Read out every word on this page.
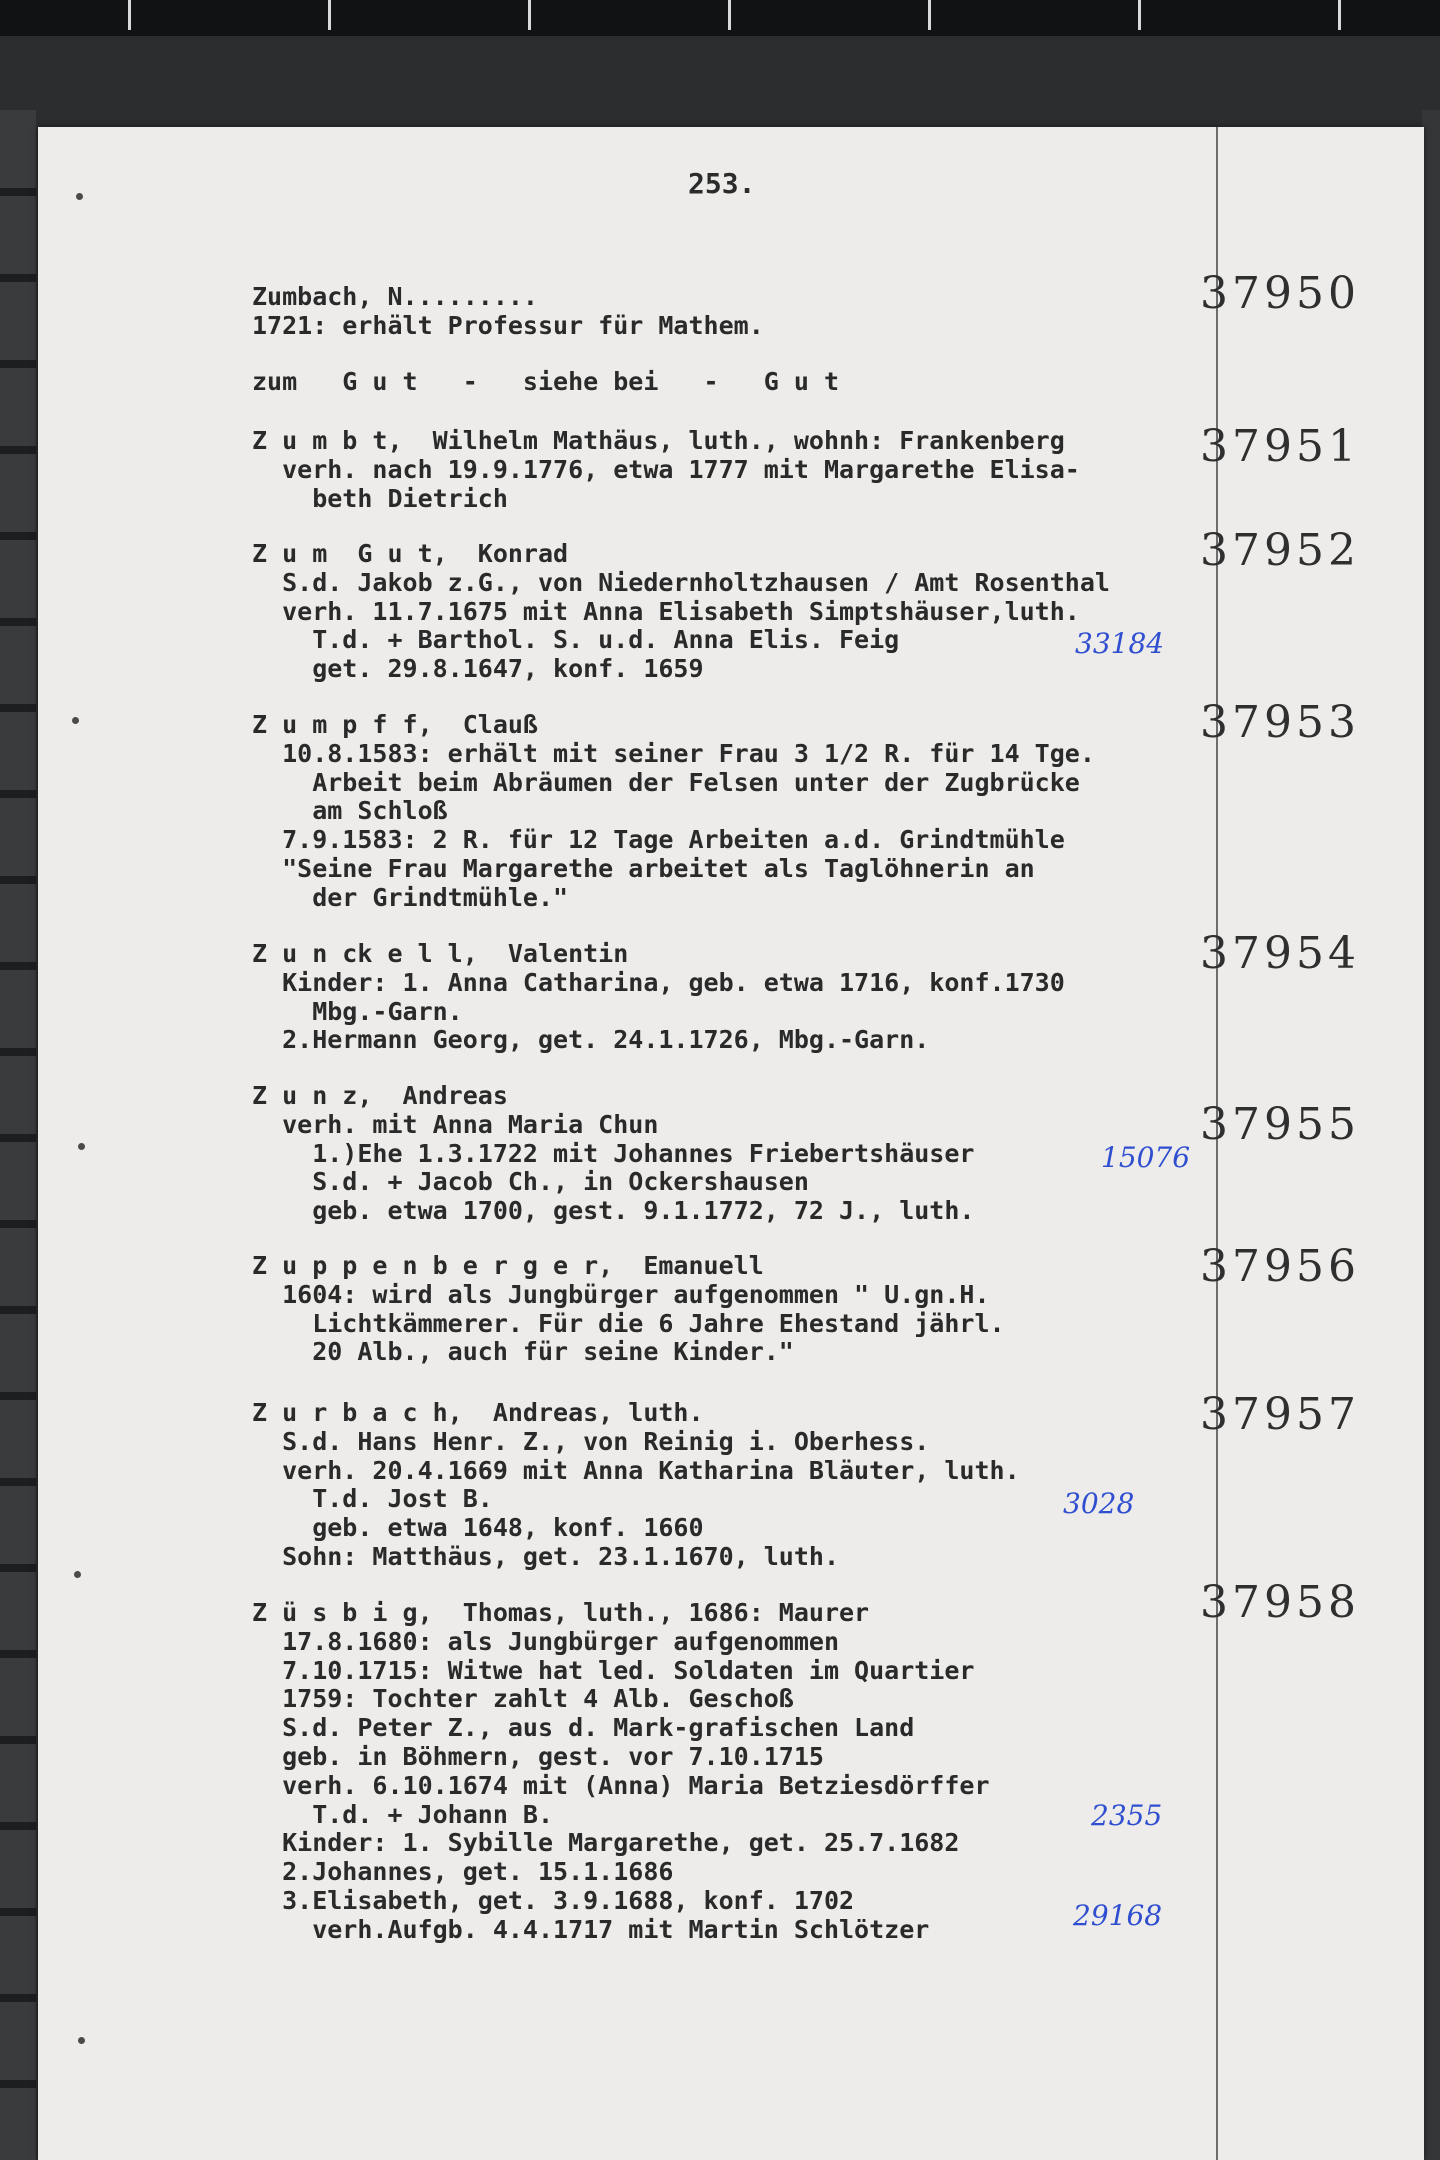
253.
Zumbach, N.........
1721: erhält Professur für Mathem.
37950
zum   G u t   -   siehe bei   -   G u t
Z u m b t,  Wilhelm Mathäus, luth., wohnh: Frankenberg
verh. nach 19.9.1776, etwa 1777 mit Margarethe Elisa-
beth Dietrich
37951
Z u m  G u t,  Konrad
S.d. Jakob z.G., von Niedernholtzhausen / Amt Rosenthal
verh. 11.7.1675 mit Anna Elisabeth Simptshäuser,luth.
T.d. + Barthol. S. u.d. Anna Elis. Feig
get. 29.8.1647, konf. 1659
37952
33184
Z u m p f f,  Clauß
10.8.1583: erhält mit seiner Frau 3 1/2 R. für 14 Tge.
Arbeit beim Abräumen der Felsen unter der Zugbrücke
am Schloß
7.9.1583: 2 R. für 12 Tage Arbeiten a.d. Grindtmühle
"Seine Frau Margarethe arbeitet als Taglöhnerin an
der Grindtmühle."
37953
Z u n ck e l l,  Valentin
Kinder: 1. Anna Catharina, geb. etwa 1716, konf.1730
Mbg.-Garn.
2.Hermann Georg, get. 24.1.1726, Mbg.-Garn.
37954
Z u n z,  Andreas
verh. mit Anna Maria Chun
1.)Ehe 1.3.1722 mit Johannes Friebertshäuser
S.d. + Jacob Ch., in Ockershausen
geb. etwa 1700, gest. 9.1.1772, 72 J., luth.
37955
15076
Z u p p e n b e r g e r,  Emanuell
1604: wird als Jungbürger aufgenommen " U.gn.H.
Lichtkämmerer. Für die 6 Jahre Ehestand jährl.
20 Alb., auch für seine Kinder."
37956
Z u r b a c h,  Andreas, luth.
S.d. Hans Henr. Z., von Reinig i. Oberhess.
verh. 20.4.1669 mit Anna Katharina Bläuter, luth.
T.d. Jost B.
geb. etwa 1648, konf. 1660
Sohn: Matthäus, get. 23.1.1670, luth.
37957
3028
Z ü s b i g,  Thomas, luth., 1686: Maurer
17.8.1680: als Jungbürger aufgenommen
7.10.1715: Witwe hat led. Soldaten im Quartier
1759: Tochter zahlt 4 Alb. Geschoß
S.d. Peter Z., aus d. Mark-grafischen Land
geb. in Böhmern, gest. vor 7.10.1715
verh. 6.10.1674 mit (Anna) Maria Betziesdörffer
T.d. + Johann B.
Kinder: 1. Sybille Margarethe, get. 25.7.1682
2.Johannes, get. 15.1.1686
3.Elisabeth, get. 3.9.1688, konf. 1702
verh.Aufgb. 4.4.1717 mit Martin Schlötzer
37958
2355
29168
